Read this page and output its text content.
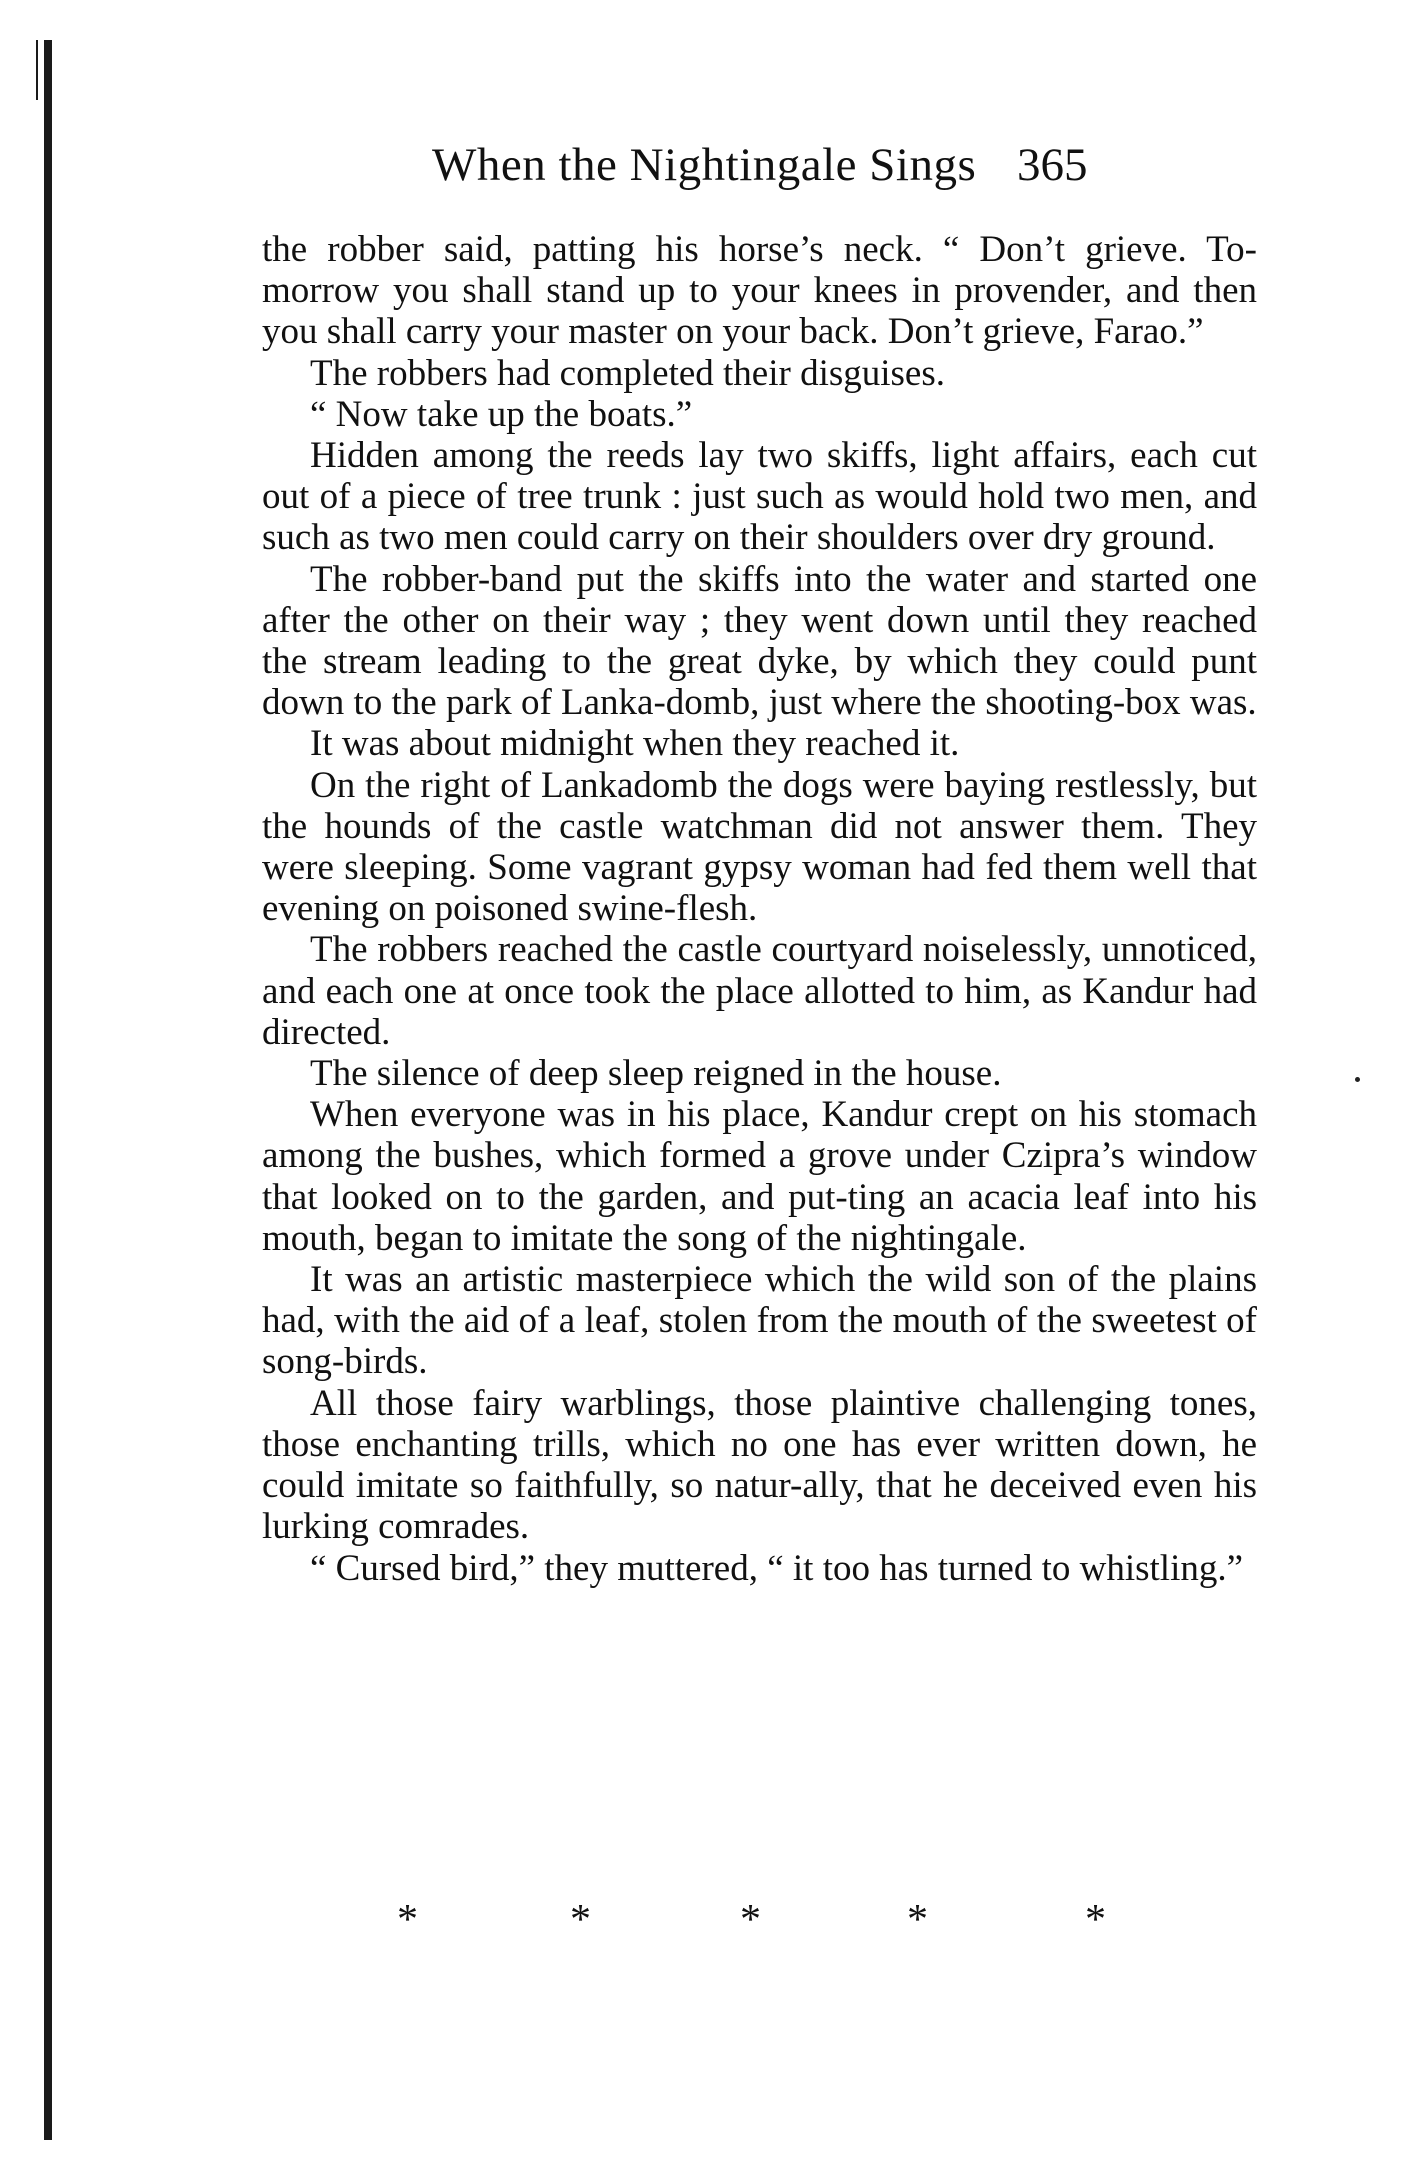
When the Nightingale Sings 365

the robber said, patting his horse’s neck. “ Don’t grieve. To-morrow you shall stand up to your knees in provender, and then you shall carry your master on your back. Don’t grieve, Farao.”

The robbers had completed their disguises.

“ Now take up the boats.”

Hidden among the reeds lay two skiffs, light affairs, each cut out of a piece of tree trunk : just such as would hold two men, and such as two men could carry on their shoulders over dry ground.

The robber-band put the skiffs into the water and started one after the other on their way ; they went down until they reached the stream leading to the great dyke, by which they could punt down to the park of Lanka-domb, just where the shooting-box was.

It was about midnight when they reached it.

On the right of Lankadomb the dogs were baying restlessly, but the hounds of the castle watchman did not answer them. They were sleeping. Some vagrant gypsy woman had fed them well that evening on poisoned swine-flesh.

The robbers reached the castle courtyard noiselessly, unnoticed, and each one at once took the place allotted to him, as Kandur had directed.

The silence of deep sleep reigned in the house.

When everyone was in his place, Kandur crept on his stomach among the bushes, which formed a grove under Czipra’s window that looked on to the garden, and put-ting an acacia leaf into his mouth, began to imitate the song of the nightingale.

It was an artistic masterpiece which the wild son of the plains had, with the aid of a leaf, stolen from the mouth of the sweetest of song-birds.

All those fairy warblings, those plaintive challenging tones, those enchanting trills, which no one has ever written down, he could imitate so faithfully, so natur-ally, that he deceived even his lurking comrades.

“ Cursed bird,” they muttered, “ it too has turned to whistling.”

*	*	*	*	*
